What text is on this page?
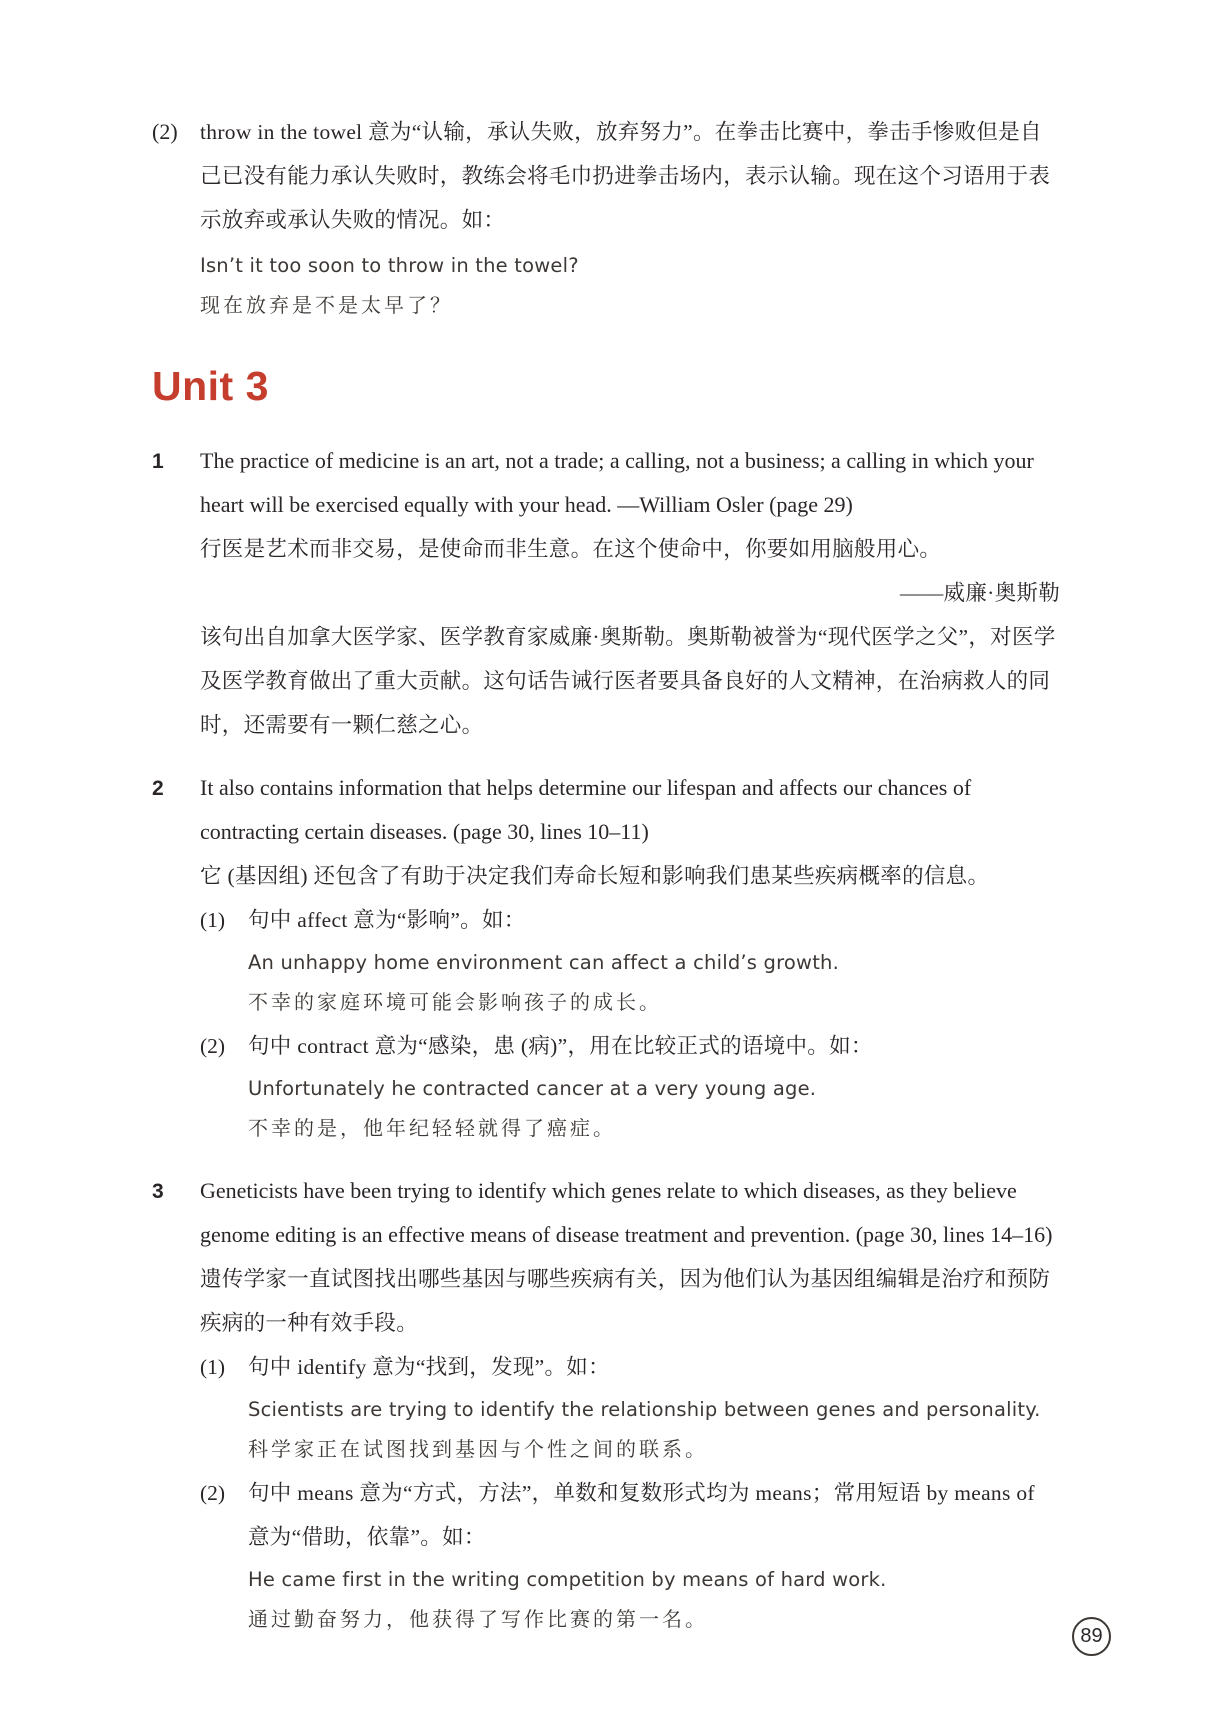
(2)	throw in the towel 意为“认输，承认失败，放弃努力”。在拳击比赛中，拳击手惨败但是自己已没有能力承认失败时，教练会将毛巾扔进拳击场内，表示认输。现在这个习语用于表示放弃或承认失败的情况。如：

Isn’t it too soon to throw in the towel?

现在放弃是不是太早了？

Unit 3
1	The practice of medicine is an art, not a trade; a calling, not a business; a calling in which your heart will be exercised equally with your head. —William Osler (page 29)

行医是艺术而非交易，是使命而非生意。在这个使命中，你要如用脑般用心。

——威廉·奥斯勒

该句出自加拿大医学家、医学教育家威廉·奥斯勒。奥斯勒被誉为“现代医学之父”，对医学及医学教育做出了重大贡献。这句话告诫行医者要具备良好的人文精神，在治病救人的同时，还需要有一颗仁慈之心。

2	It also contains information that helps determine our lifespan and affects our chances of contracting certain diseases. (page 30, lines 10–11)

它 (基因组) 还包含了有助于决定我们寿命长短和影响我们患某些疾病概率的信息。

(1)	句中 affect 意为“影响”。如：

An unhappy home environment can affect a child’s growth.

不幸的家庭环境可能会影响孩子的成长。

(2)	句中 contract 意为“感染，患 (病)”，用在比较正式的语境中。如：

Unfortunately he contracted cancer at a very young age.

不幸的是，他年纪轻轻就得了癌症。

3	Geneticists have been trying to identify which genes relate to which diseases, as they believe genome editing is an effective means of disease treatment and prevention. (page 30, lines 14–16)

遗传学家一直试图找出哪些基因与哪些疾病有关，因为他们认为基因组编辑是治疗和预防疾病的一种有效手段。

(1)	句中 identify 意为“找到，发现”。如：

Scientists are trying to identify the relationship between genes and personality.

科学家正在试图找到基因与个性之间的联系。

(2)	句中 means 意为“方式，方法”，单数和复数形式均为 means；常用短语 by means of 意为“借助，依靠”。如：

He came first in the writing competition by means of hard work.

通过勤奋努力，他获得了写作比赛的第一名。

89
